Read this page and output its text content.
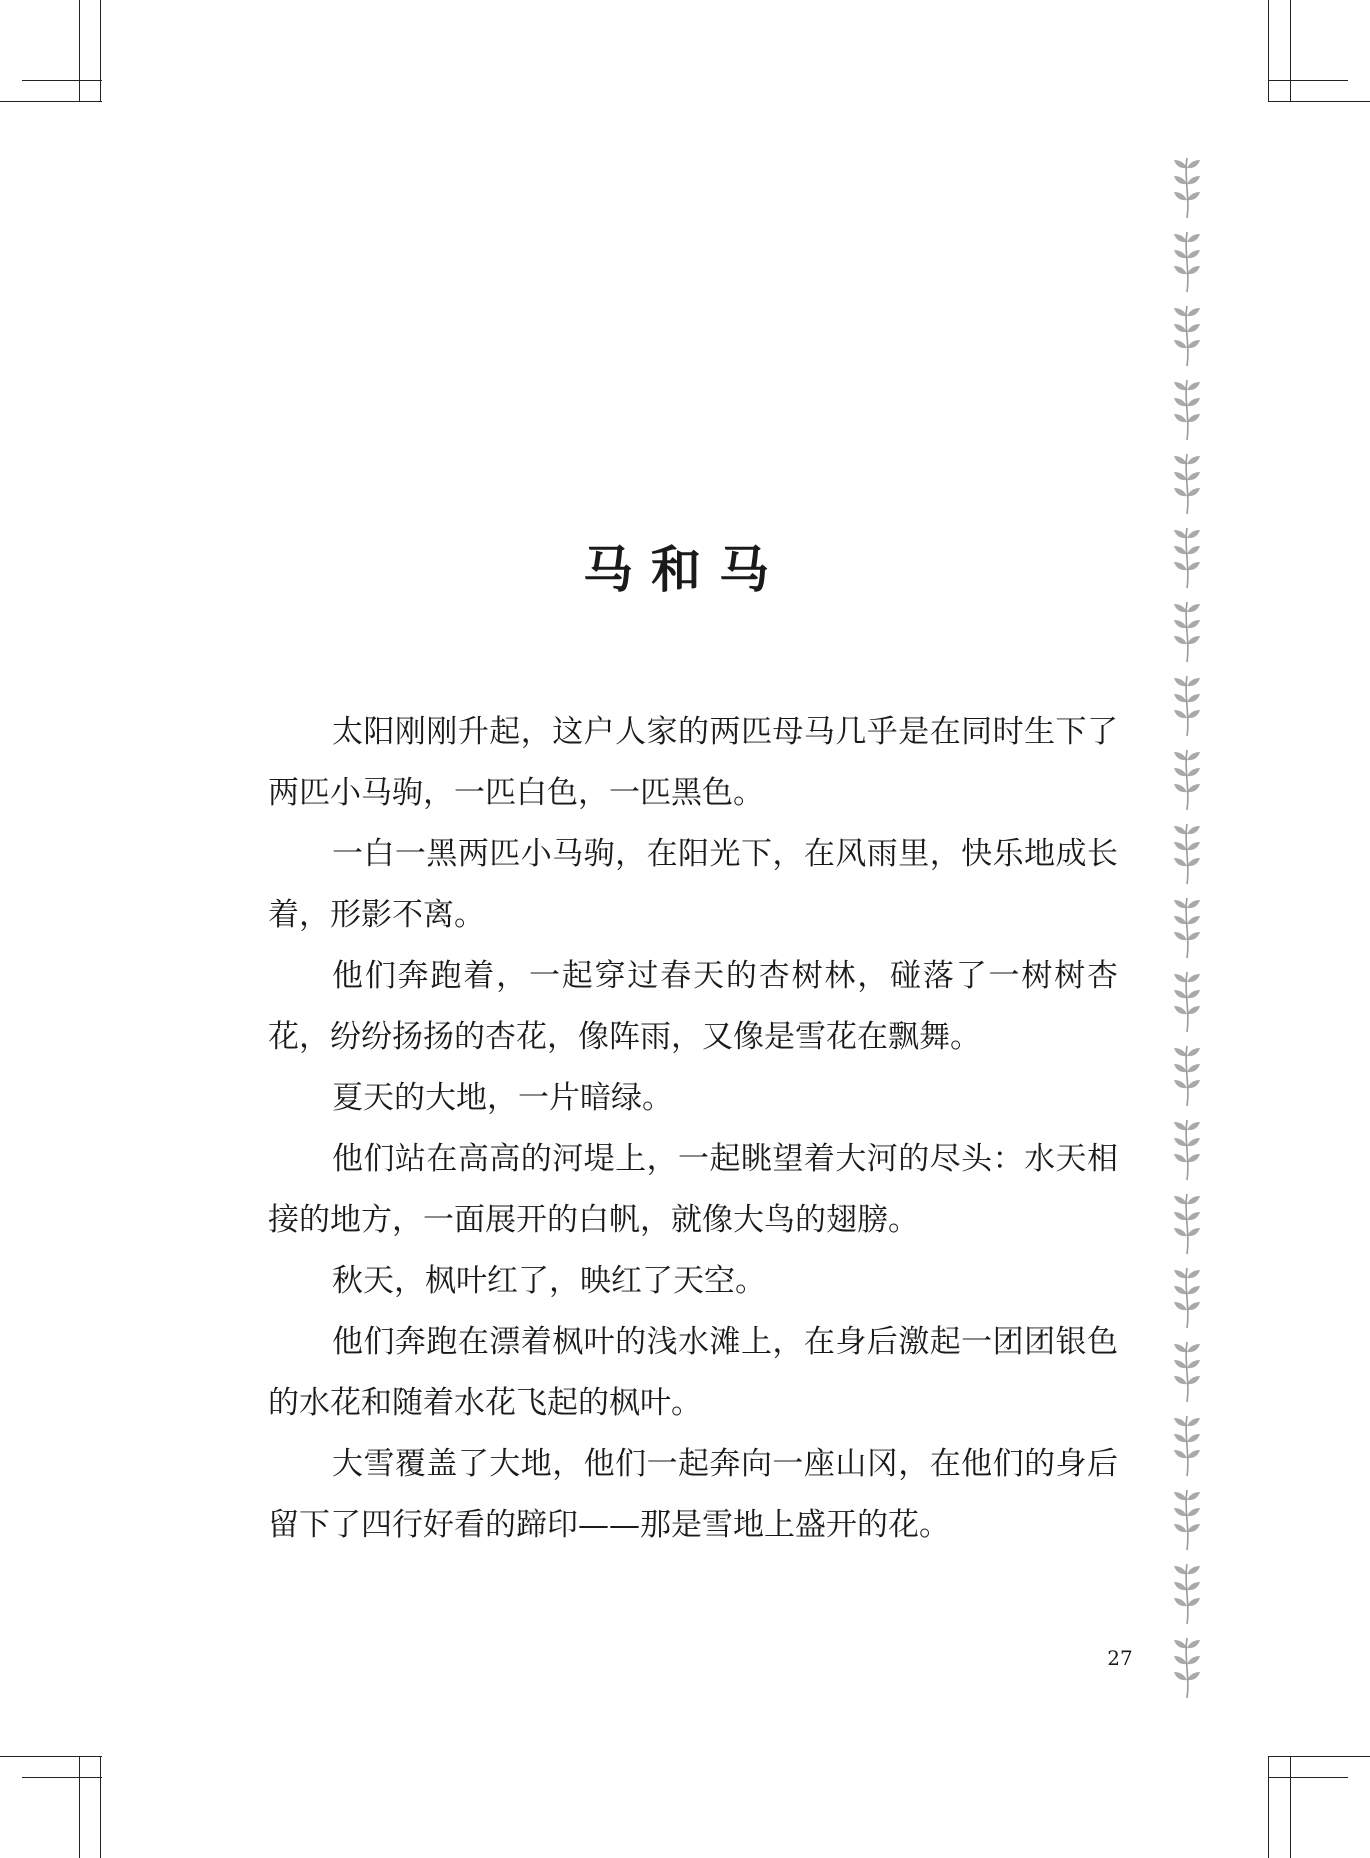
马和马

太阳刚刚升起，这户人家的两匹母马几乎是在同时生下了两匹小马驹，一匹白色，一匹黑色。

一白一黑两匹小马驹，在阳光下，在风雨里，快乐地成长着，形影不离。

他们奔跑着，一起穿过春天的杏树林，碰落了一树树杏花，纷纷扬扬的杏花，像阵雨，又像是雪花在飘舞。

夏天的大地，一片暗绿。

他们站在高高的河堤上，一起眺望着大河的尽头：水天相接的地方，一面展开的白帆，就像大鸟的翅膀。

秋天，枫叶红了，映红了天空。

他们奔跑在漂着枫叶的浅水滩上，在身后激起一团团银色的水花和随着水花飞起的枫叶。

大雪覆盖了大地，他们一起奔向一座山冈，在他们的身后留下了四行好看的蹄印——那是雪地上盛开的花。

27
